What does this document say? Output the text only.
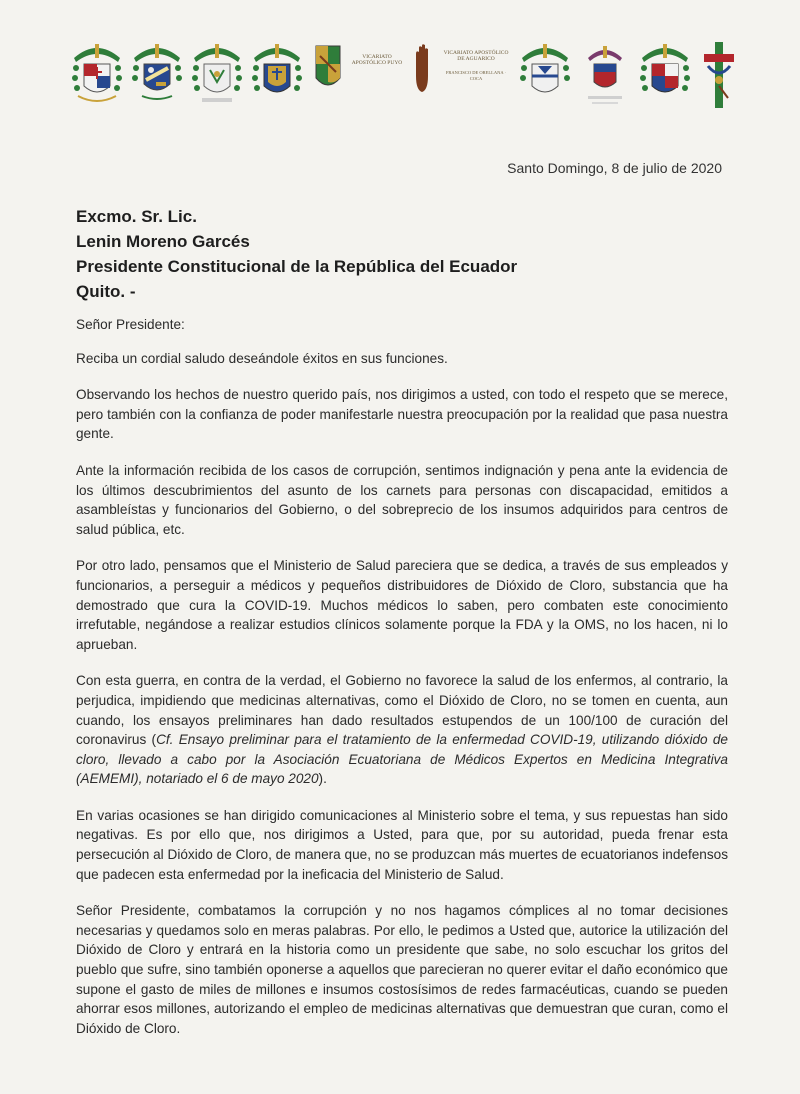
VICARIATO APOSTÓLICO PUYO
VICARIATO APOSTÓLICO DE AGUARICO
FRANCISCO DE ORELLANA · COCA
Santo Domingo, 8 de julio de 2020
Excmo. Sr. Lic.
Lenin Moreno Garcés
Presidente Constitucional de la República del Ecuador
Quito. -

Señor Presidente:

Reciba un cordial saludo deseándole éxitos en sus funciones.

Observando los hechos de nuestro querido país, nos dirigimos a usted, con todo el respeto que se merece, pero también con la confianza de poder manifestarle nuestra preocupación por la realidad que pasa nuestra gente.

Ante la información recibida de los casos de corrupción, sentimos indignación y pena ante la evidencia de los últimos descubrimientos del asunto de los carnets para personas con discapacidad, emitidos a asambleístas y funcionarios del Gobierno, o del sobreprecio de los insumos adquiridos para centros de salud pública, etc.

Por otro lado, pensamos que el Ministerio de Salud pareciera que se dedica, a través de sus empleados y funcionarios, a perseguir a médicos y pequeños distribuidores de Dióxido de Cloro, substancia que ha demostrado que cura la COVID-19. Muchos médicos lo saben, pero combaten este conocimiento irrefutable, negándose a realizar estudios clínicos solamente porque la FDA y la OMS, no los hacen, ni lo aprueban.

Con esta guerra, en contra de la verdad, el Gobierno no favorece la salud de los enfermos, al contrario, la perjudica, impidiendo que medicinas alternativas, como el Dióxido de Cloro, no se tomen en cuenta, aun cuando, los ensayos preliminares han dado resultados estupendos de un 100/100 de curación del coronavirus (Cf. Ensayo preliminar para el tratamiento de la enfermedad COVID-19, utilizando dióxido de cloro, llevado a cabo por la Asociación Ecuatoriana de Médicos Expertos en Medicina Integrativa (AEMEMI), notariado el 6 de mayo 2020).

En varias ocasiones se han dirigido comunicaciones al Ministerio sobre el tema, y sus repuestas han sido negativas. Es por ello que, nos dirigimos a Usted, para que, por su autoridad, pueda frenar esta persecución al Dióxido de Cloro, de manera que, no se produzcan más muertes de ecuatorianos indefensos que padecen esta enfermedad por la ineficacia del Ministerio de Salud.

Señor Presidente, combatamos la corrupción y no nos hagamos cómplices al no tomar decisiones necesarias y quedamos solo en meras palabras. Por ello, le pedimos a Usted que, autorice la utilización del Dióxido de Cloro y entrará en la historia como un presidente que sabe, no solo escuchar los gritos del pueblo que sufre, sino también oponerse a aquellos que parecieran no querer evitar el daño económico que supone el gasto de miles de millones e insumos costosísimos de redes farmacéuticas, cuando se pueden ahorrar esos millones, autorizando el empleo de medicinas alternativas que demuestran que curan, como el Dióxido de Cloro.
